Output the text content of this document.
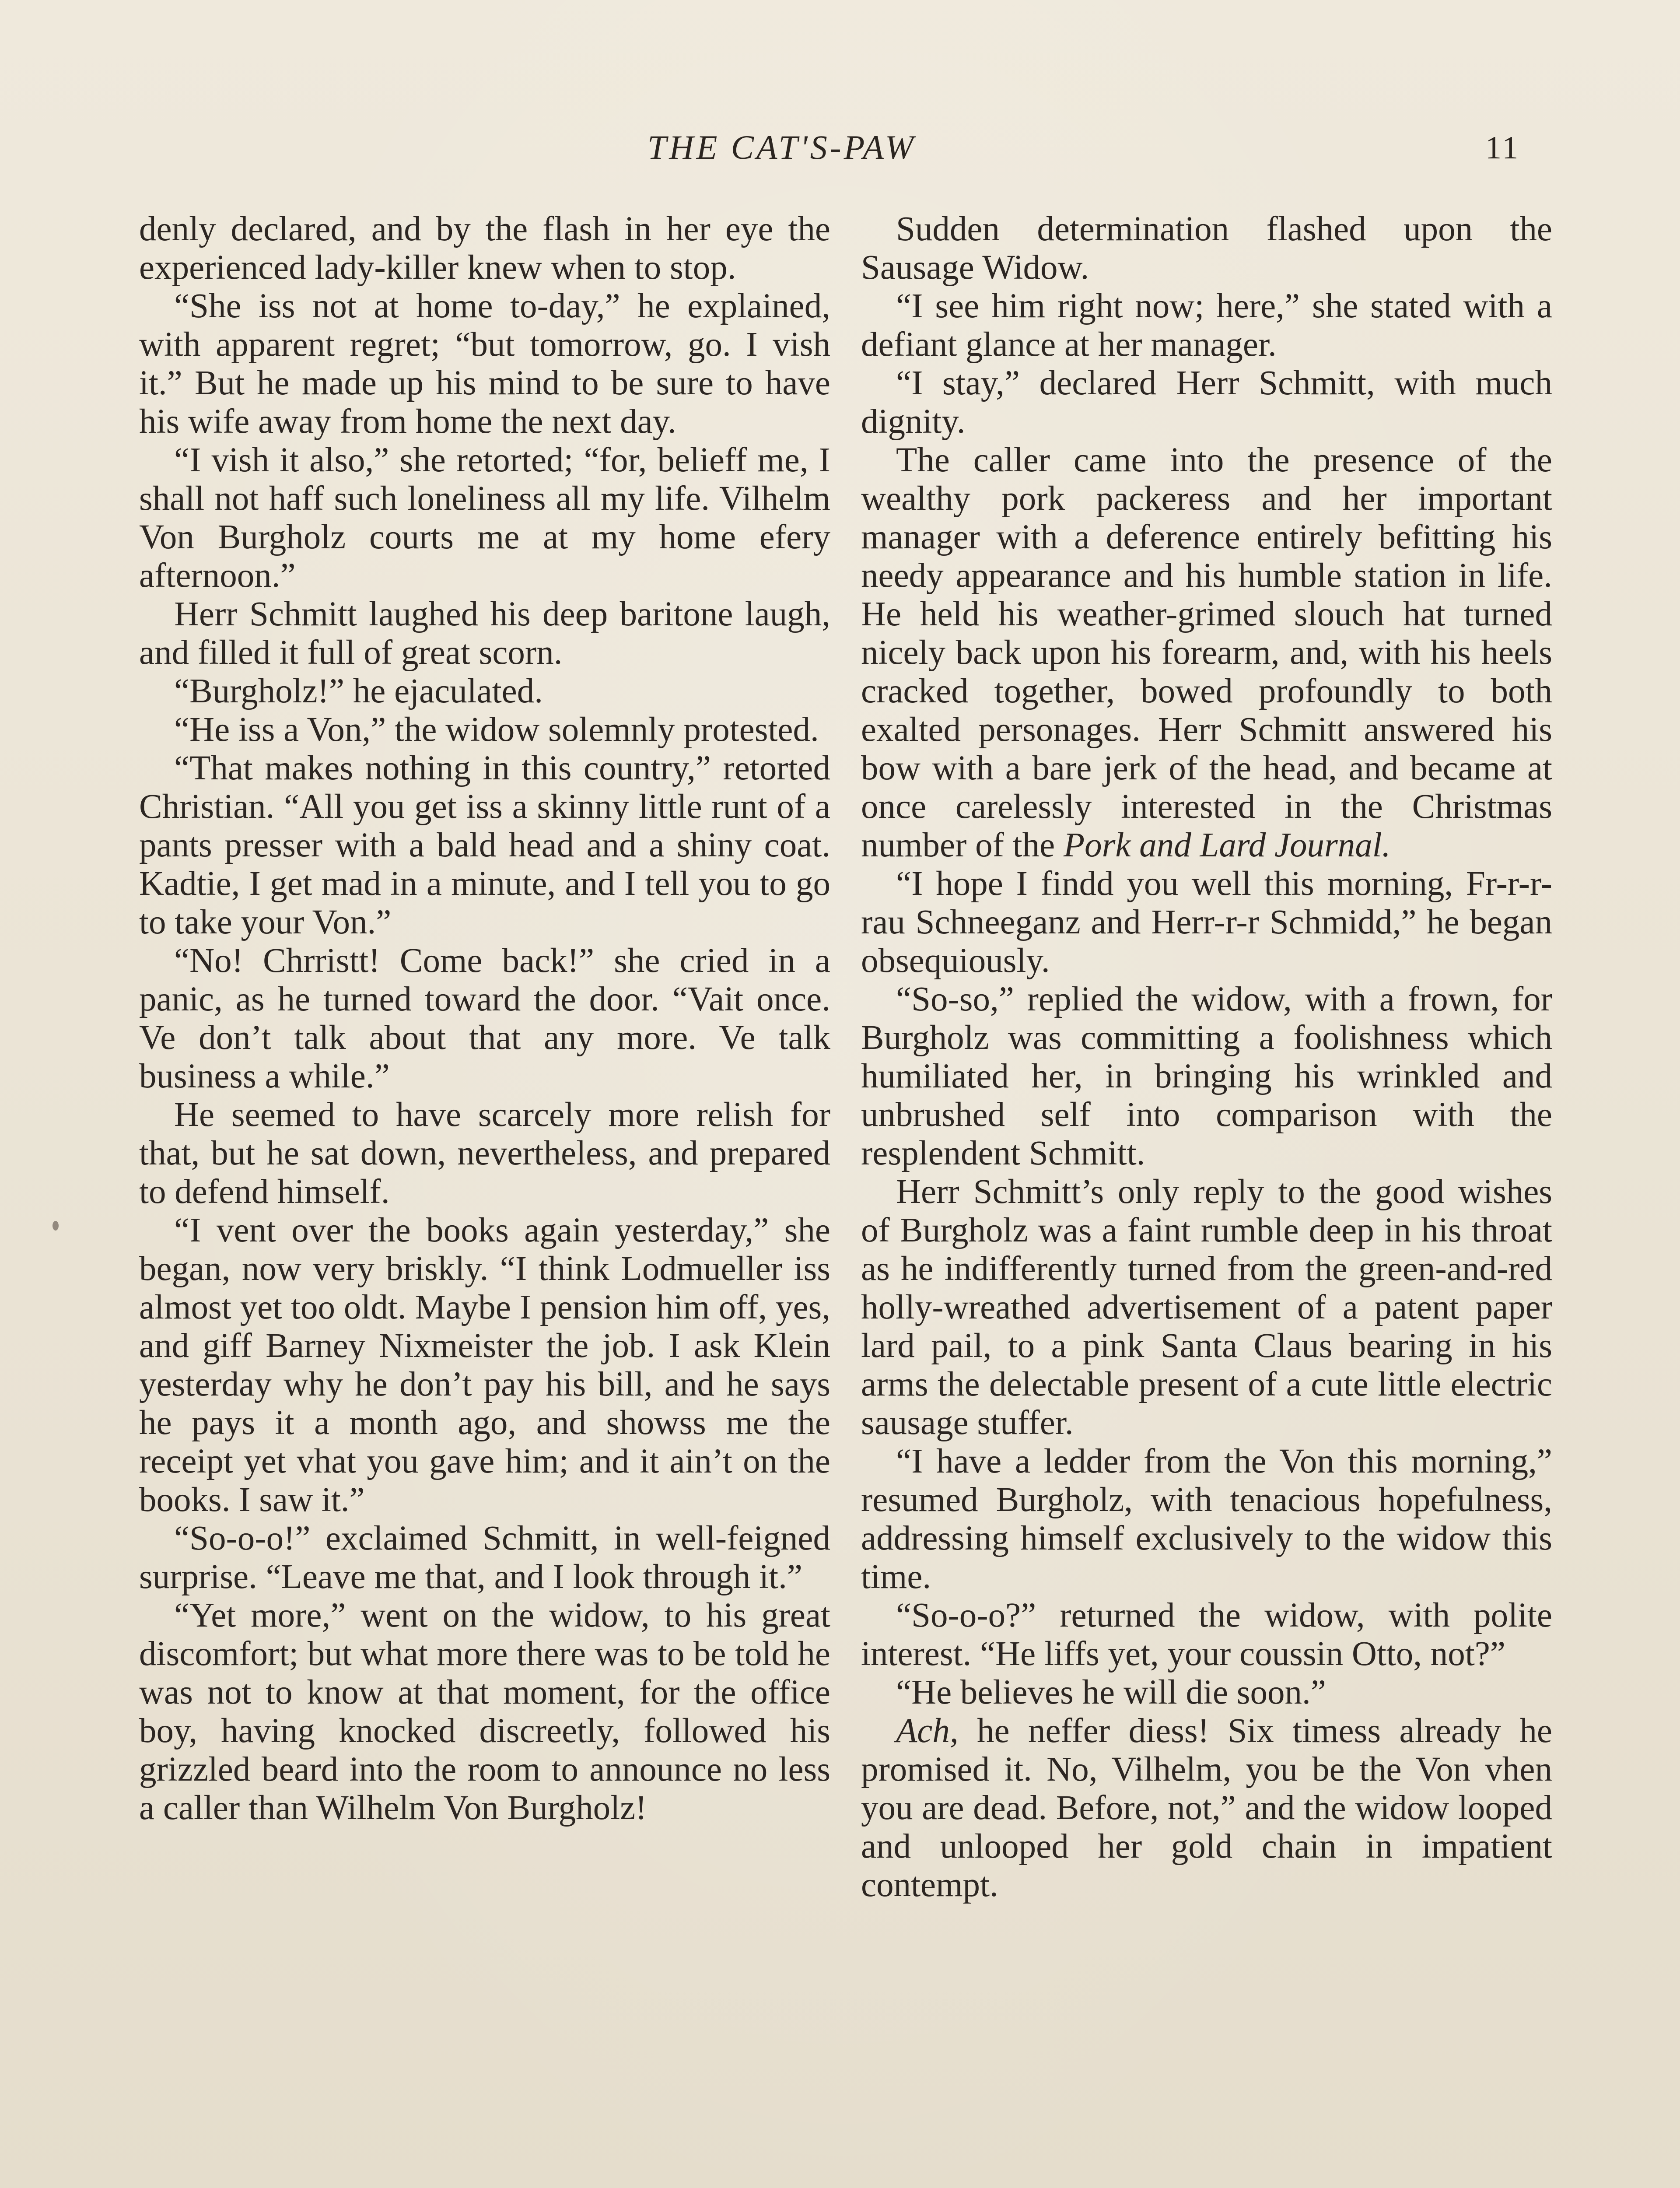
THE CAT'S-PAW	11

denly declared, and by the flash in her eye the experienced lady-killer knew when to stop.

“She iss not at home to-day,” he explained, with apparent regret; “but tomorrow, go. I vish it.” But he made up his mind to be sure to have his wife away from home the next day.

“I vish it also,” she retorted; “for, belieff me, I shall not haff such loneliness all my life. Vilhelm Von Burgholz courts me at my home efery afternoon.”

Herr Schmitt laughed his deep baritone laugh, and filled it full of great scorn.

“Burgholz!” he ejaculated.

“He iss a Von,” the widow solemnly protested.

“That makes nothing in this country,” retorted Christian. “All you get iss a skinny little runt of a pants presser with a bald head and a shiny coat. Kadtie, I get mad in a minute, and I tell you to go to take your Von.”

“No! Chrristt! Come back!” she cried in a panic, as he turned toward the door. “Vait once. Ve don’t talk about that any more. Ve talk business a while.”

He seemed to have scarcely more relish for that, but he sat down, nevertheless, and prepared to defend himself.

“I vent over the books again yesterday,” she began, now very briskly. “I think Lodmueller iss almost yet too oldt. Maybe I pension him off, yes, and giff Barney Nixmeister the job. I ask Klein yesterday why he don’t pay his bill, and he says he pays it a month ago, and showss me the receipt yet vhat you gave him; and it ain’t on the books. I saw it.”

“So-o-o!” exclaimed Schmitt, in well-feigned surprise. “Leave me that, and I look through it.”

“Yet more,” went on the widow, to his great discomfort; but what more there was to be told he was not to know at that moment, for the office boy, having knocked discreetly, followed his grizzled beard into the room to announce no less a caller than Wilhelm Von Burgholz!

Sudden determination flashed upon the Sausage Widow.

“I see him right now; here,” she stated with a defiant glance at her manager.

“I stay,” declared Herr Schmitt, with much dignity.

The caller came into the presence of the wealthy pork packeress and her important manager with a deference entirely befitting his needy appearance and his humble station in life. He held his weather-grimed slouch hat turned nicely back upon his forearm, and, with his heels cracked together, bowed profoundly to both exalted personages. Herr Schmitt answered his bow with a bare jerk of the head, and became at once carelessly interested in the Christmas number of the Pork and Lard Journal.

“I hope I findd you well this morning, Fr-r-r-rau Schneeganz and Herr-r-r Schmidd,” he began obsequiously.

“So-so,” replied the widow, with a frown, for Burgholz was committing a foolishness which humiliated her, in bringing his wrinkled and unbrushed self into comparison with the resplendent Schmitt.

Herr Schmitt’s only reply to the good wishes of Burgholz was a faint rumble deep in his throat as he indifferently turned from the green-and-red holly-wreathed advertisement of a patent paper lard pail, to a pink Santa Claus bearing in his arms the delectable present of a cute little electric sausage stuffer.

“I have a ledder from the Von this morning,” resumed Burgholz, with tenacious hopefulness, addressing himself exclusively to the widow this time.

“So-o-o?” returned the widow, with polite interest. “He liffs yet, your coussin Otto, not?”

“He believes he will die soon.”

Ach, he neffer diess! Six timess already he promised it. No, Vilhelm, you be the Von vhen you are dead. Before, not,” and the widow looped and unlooped her gold chain in impatient contempt.
